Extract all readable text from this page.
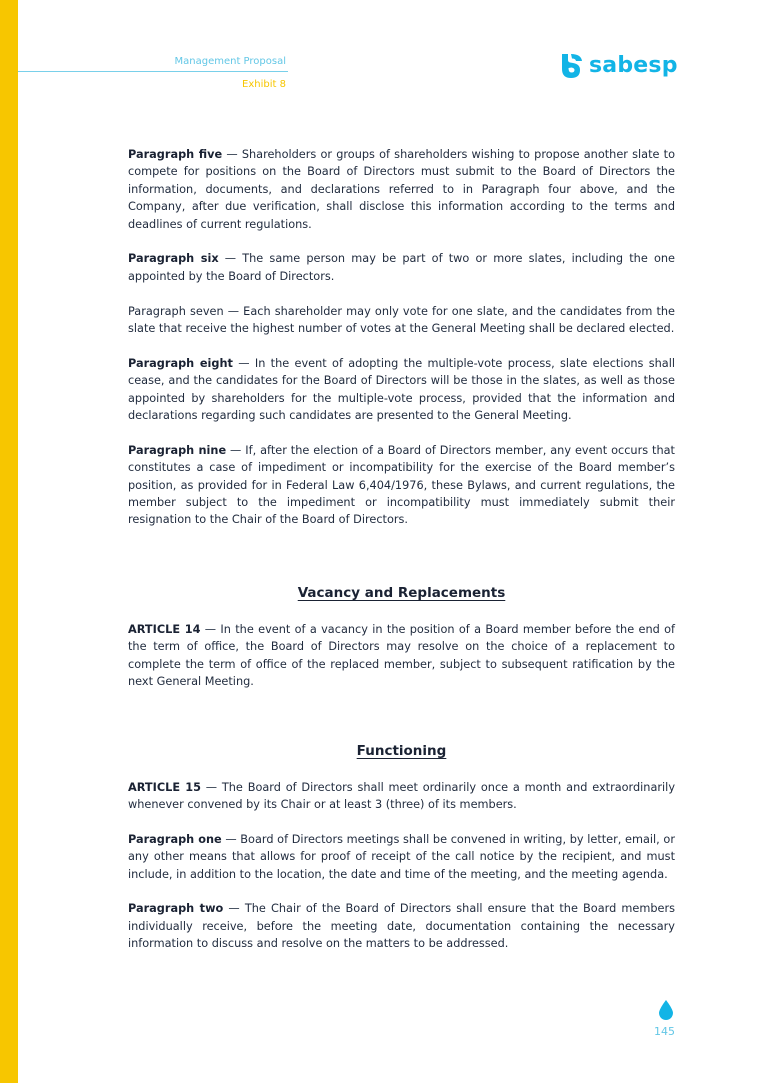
Management Proposal
Exhibit 8
sabesp

Paragraph five — Shareholders or groups of shareholders wishing to propose another slate to compete for positions on the Board of Directors must submit to the Board of Directors the information, documents, and declarations referred to in Paragraph four above, and the Company, after due verification, shall disclose this information according to the terms and deadlines of current regulations.

Paragraph six — The same person may be part of two or more slates, including the one appointed by the Board of Directors.

Paragraph seven — Each shareholder may only vote for one slate, and the candidates from the slate that receive the highest number of votes at the General Meeting shall be declared elected.

Paragraph eight — In the event of adopting the multiple-vote process, slate elections shall cease, and the candidates for the Board of Directors will be those in the slates, as well as those appointed by shareholders for the multiple-vote process, provided that the information and declarations regarding such candidates are presented to the General Meeting.

Paragraph nine — If, after the election of a Board of Directors member, any event occurs that constitutes a case of impediment or incompatibility for the exercise of the Board member’s position, as provided for in Federal Law 6,404/1976, these Bylaws, and current regulations, the member subject to the impediment or incompatibility must immediately submit their resignation to the Chair of the Board of Directors.

Vacancy and Replacements

ARTICLE 14 — In the event of a vacancy in the position of a Board member before the end of the term of office, the Board of Directors may resolve on the choice of a replacement to complete the term of office of the replaced member, subject to subsequent ratification by the next General Meeting.

Functioning

ARTICLE 15 — The Board of Directors shall meet ordinarily once a month and extraordinarily whenever convened by its Chair or at least 3 (three) of its members.

Paragraph one — Board of Directors meetings shall be convened in writing, by letter, email, or any other means that allows for proof of receipt of the call notice by the recipient, and must include, in addition to the location, the date and time of the meeting, and the meeting agenda.

Paragraph two — The Chair of the Board of Directors shall ensure that the Board members individually receive, before the meeting date, documentation containing the necessary information to discuss and resolve on the matters to be addressed.

145
